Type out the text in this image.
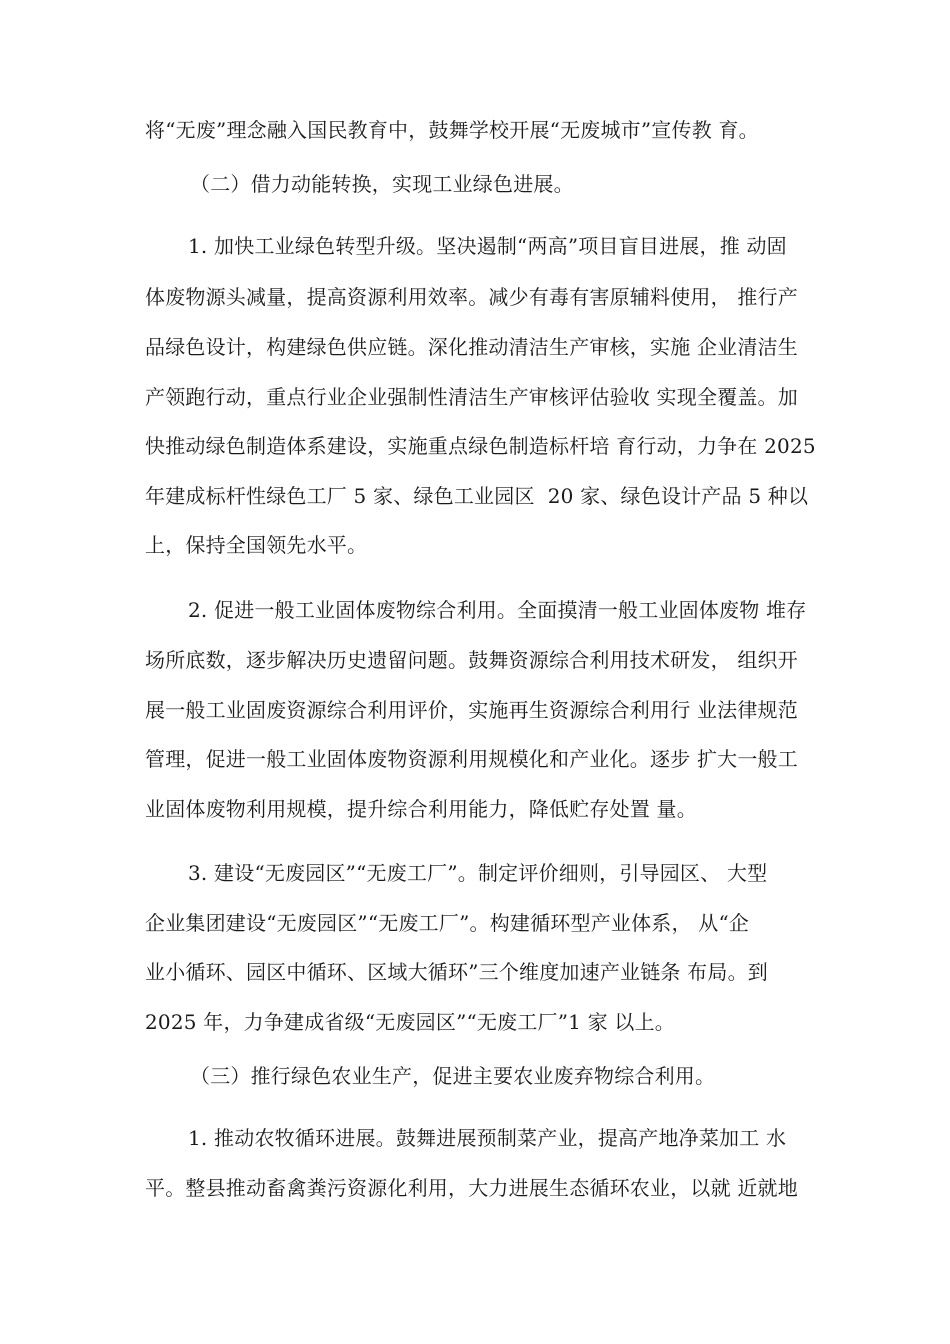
将“无废”理念融入国民教育中，鼓舞学校开展“无废城市”宣传教 育。
（二）借力动能转换，实现工业绿色进展。
1. 加快工业绿色转型升级。坚决遏制“两高”项目盲目进展，推 动固
体废物源头减量，提高资源利用效率。减少有毒有害原辅料使用， 推行产
品绿色设计，构建绿色供应链。深化推动清洁生产审核，实施 企业清洁生
产领跑行动，重点行业企业强制性清洁生产审核评估验收 实现全覆盖。加
快推动绿色制造体系建设，实施重点绿色制造标杆培 育行动，力争在 2025
年建成标杆性绿色工厂 5 家、绿色工业园区  20 家、绿色设计产品 5 种以
上，保持全国领先水平。
2. 促进一般工业固体废物综合利用。全面摸清一般工业固体废物 堆存
场所底数，逐步解决历史遗留问题。鼓舞资源综合利用技术研发， 组织开
展一般工业固废资源综合利用评价，实施再生资源综合利用行 业法律规范
管理，促进一般工业固体废物资源利用规模化和产业化。逐步 扩大一般工
业固体废物利用规模，提升综合利用能力，降低贮存处置 量。
3. 建设“无废园区”“无废工厂”。制定评价细则，引导园区、 大型
企业集团建设“无废园区”“无废工厂”。构建循环型产业体系， 从“企
业小循环、园区中循环、区域大循环”三个维度加速产业链条 布局。到
2025 年，力争建成省级“无废园区”“无废工厂”1 家 以上。
（三）推行绿色农业生产，促进主要农业废弃物综合利用。
1. 推动农牧循环进展。鼓舞进展预制菜产业，提高产地净菜加工 水
平。整县推动畜禽粪污资源化利用，大力进展生态循环农业，以就 近就地
